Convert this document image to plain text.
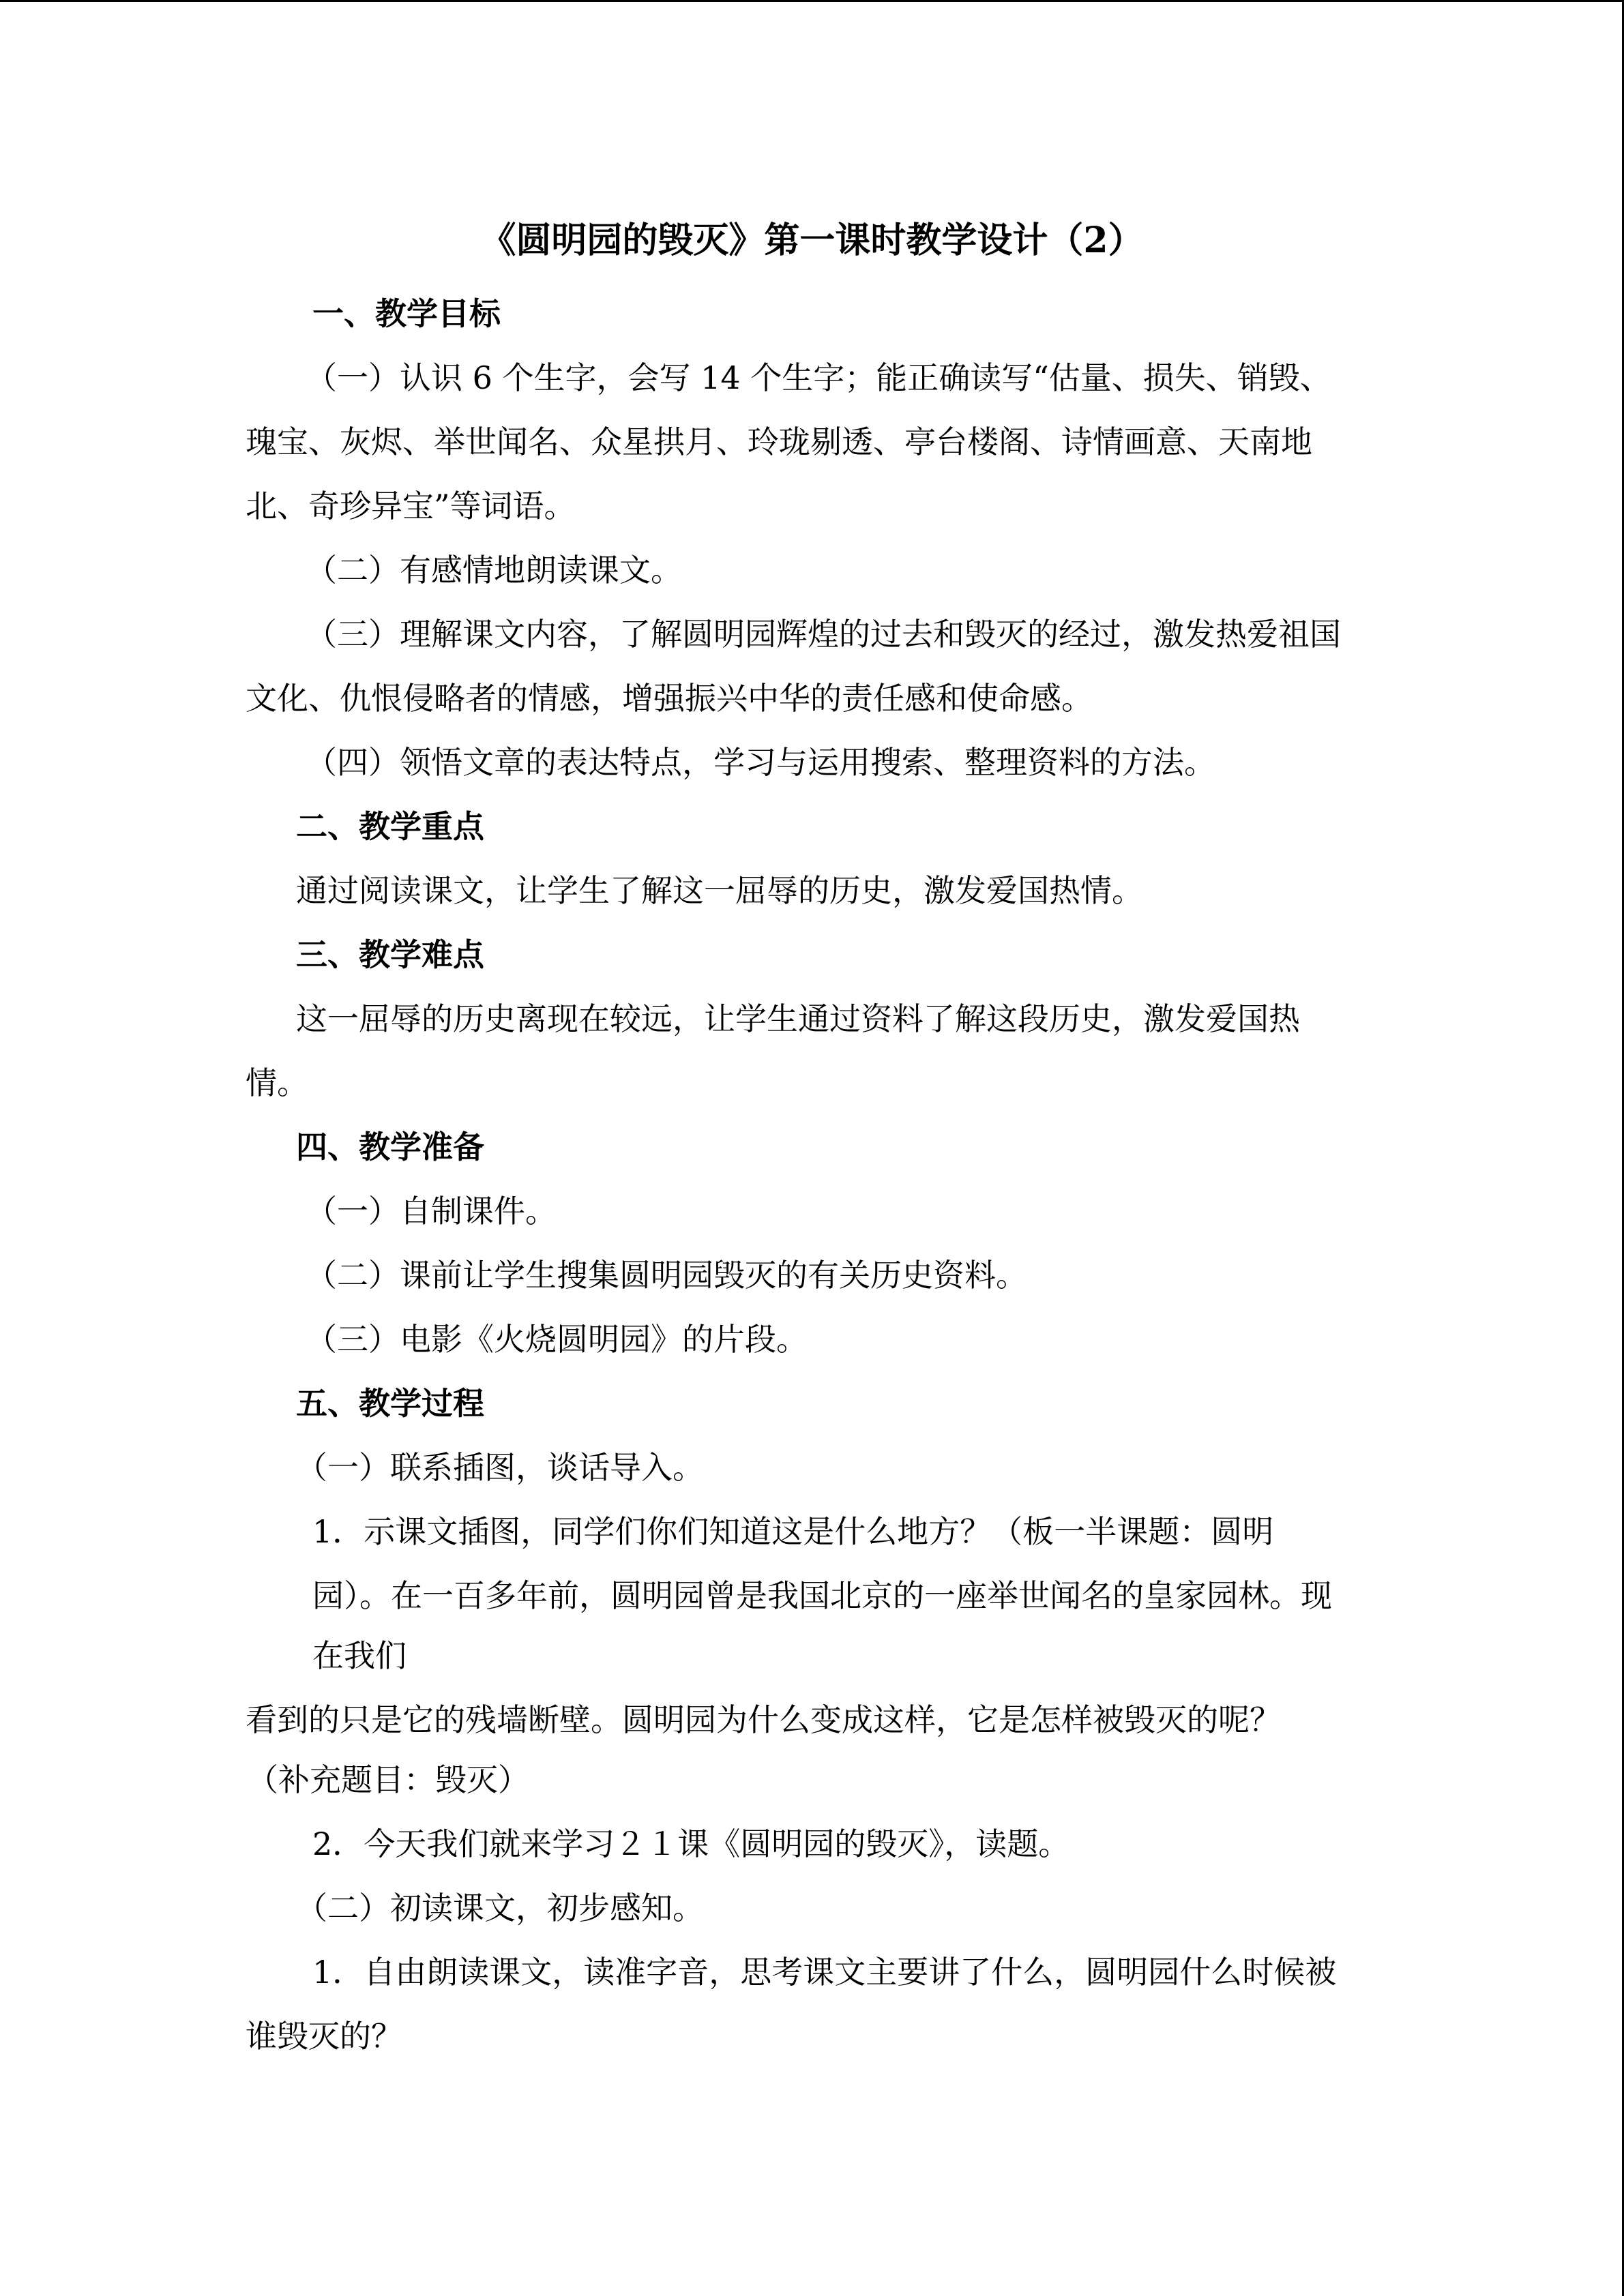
《圆明园的毁灭》第一课时教学设计（2）
一、教学目标
（一）认识 6 个生字，会写 14 个生字；能正确读写“估量、损失、销毁、
瑰宝、灰烬、举世闻名、众星拱月、玲珑剔透、亭台楼阁、诗情画意、天南地
北、奇珍异宝”等词语。
（二）有感情地朗读课文。
（三）理解课文内容，了解圆明园辉煌的过去和毁灭的经过，激发热爱祖国
文化、仇恨侵略者的情感，增强振兴中华的责任感和使命感。
（四）领悟文章的表达特点，学习与运用搜索、整理资料的方法。
二、教学重点
通过阅读课文，让学生了解这一屈辱的历史，激发爱国热情。
三、教学难点
这一屈辱的历史离现在较远，让学生通过资料了解这段历史，激发爱国热
情。
四、教学准备
（一）自制课件。
（二）课前让学生搜集圆明园毁灭的有关历史资料。
（三）电影《火烧圆明园》的片段。
五、教学过程
（一）联系插图，谈话导入。
1．示课文插图，同学们你们知道这是什么地方？（板一半课题：圆明
园）。在一百多年前，圆明园曾是我国北京的一座举世闻名的皇家园林。现
在我们
看到的只是它的残墙断壁。圆明园为什么变成这样，它是怎样被毁灭的呢？
（补充题目：毁灭）
2．今天我们就来学习２１课《圆明园的毁灭》，读题。
（二）初读课文，初步感知。
1．自由朗读课文，读准字音，思考课文主要讲了什么，圆明园什么时候被
谁毁灭的？
